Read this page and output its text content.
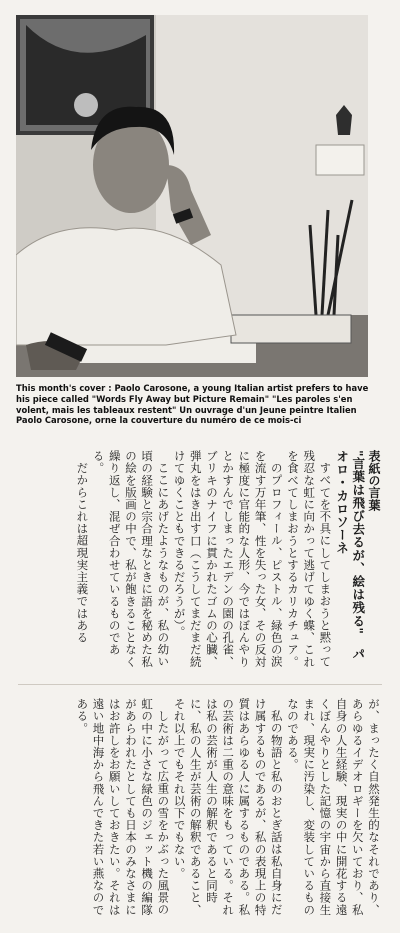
This month's cover : Paolo Carosone, a young Italian artist prefers to have his piece called "Words Fly Away but Picture Remain" "Les paroles s'en volent, mais les tableaux restent" Un ouvrage d'un Jeune peintre Italien Paolo Carosone, orne la couverture du numéro de ce mois-ci

表紙の言葉

"言葉は飛び去るが、絵は残る"　パオロ・カロソーネ

すべてを不具にしてしまおうと黙って残忍な虹に向かって逃げてゆく蝶、これを食べてしまおうとするカリカチュア。

のプロフィール、ピストル、緑色の涙を流す万年筆、性を失った女、その反対に極度に官能的な人形、今ではぼんやりとかすんでしまったエデンの園の孔雀、ブリキのナイフに貫かれたゴムの心臓、弾丸をはき出す口（こうしてまだまだ続けてゆくこともできるだろうが）。

ここにあげたようなものが、私の幼い頃の経験と宗合理なときに語を秘めた私の絵を版画の中で、私が飽きることなく繰り返し、混ぜ合わせているものである。

だからこれは超現実主義ではある

が、まったく自然発生的なそれであり、あらゆるイデオロギーを欠いており、私自身の人生経験、現実の中に開花する遠くぼんやりとした記憶の宇宙から直接生まれ、現実に汚染し、変装しているものなのである。

私の物語と私のおとぎ話は私自身にだけ属するものであるが、私の表現上の特質はあらゆる人に属するものである。私の芸術は二重の意味をもっている。それは私の芸術が人生の解釈であると同時に、私の人生が芸術の解釈であること、それ以上でもそれ以下でもない。

したがって広重の雪をかぶった風景の虹の中に小さな緑色のジェット機の編隊があらわれたとしても日本のみなさまにはお許しをお願いしておきたい。それは遠い地中海から飛んできた若い燕なのである。
